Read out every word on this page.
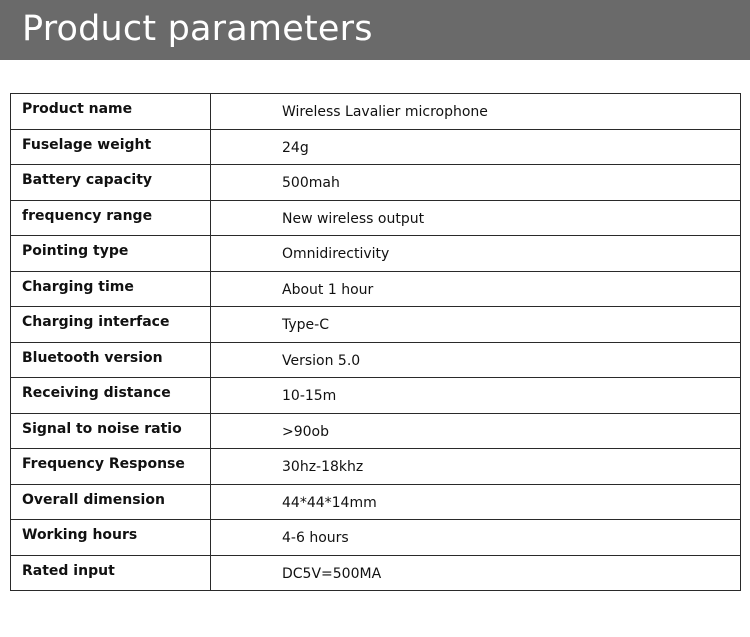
Product parameters
Product name	Wireless Lavalier microphone
Fuselage weight	24g
Battery capacity	500mah
frequency range	New wireless output
Pointing type	Omnidirectivity
Charging time	About 1 hour
Charging interface	Type-C
Bluetooth version	Version 5.0
Receiving distance	10-15m
Signal to noise ratio	>90ob
Frequency Response	30hz-18khz
Overall dimension	44*44*14mm
Working hours	4-6 hours
Rated input	DC5V=500MA
